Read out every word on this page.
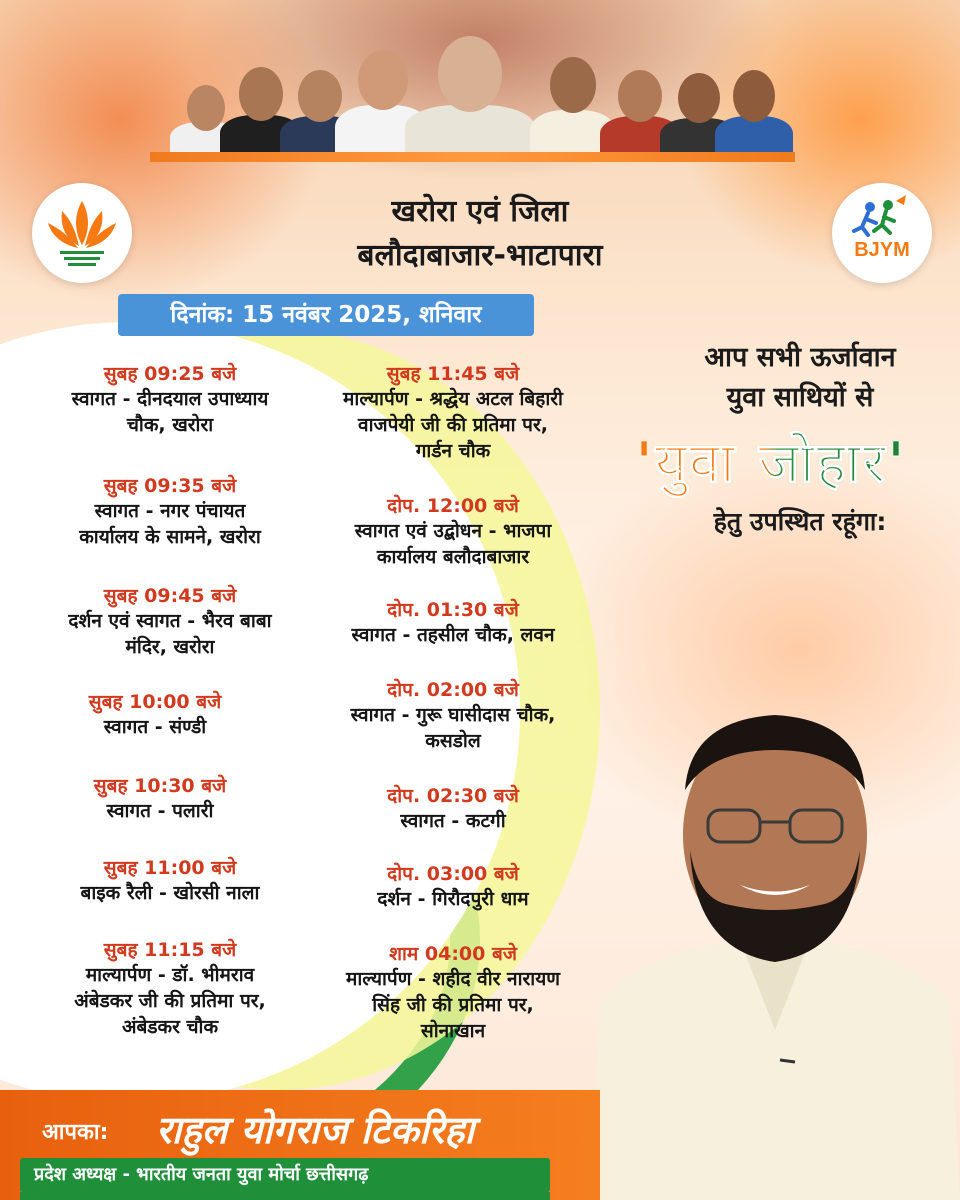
BJYM
खरोरा एवं जिला
बलौदाबाजार-भाटापारा
दिनांक: 15 नवंबर 2025, शनिवार
सुबह 09:25 बजे
स्वागत - दीनदयाल उपाध्याय
चौक, खरोरा
सुबह 09:35 बजे
स्वागत - नगर पंचायत
कार्यालय के सामने, खरोरा
सुबह 09:45 बजे
दर्शन एवं स्वागत - भैरव बाबा
मंदिर, खरोरा
सुबह 10:00 बजे
स्वागत - संण्डी
सुबह 10:30 बजे
स्वागत - पलारी
सुबह 11:00 बजे
बाइक रैली - खोरसी नाला
सुबह 11:15 बजे
माल्यार्पण - डॉ. भीमराव
अंबेडकर जी की प्रतिमा पर,
अंबेडकर चौक
सुबह 11:45 बजे
माल्यार्पण - श्रद्धेय अटल बिहारी
वाजपेयी जी की प्रतिमा पर,
गार्डन चौक
दोप. 12:00 बजे
स्वागत एवं उद्बोधन - भाजपा
कार्यालय बलौदाबाजार
दोप. 01:30 बजे
स्वागत - तहसील चौक, लवन
दोप. 02:00 बजे
स्वागत - गुरू घासीदास चौक,
कसडोल
दोप. 02:30 बजे
स्वागत - कटगी
दोप. 03:00 बजे
दर्शन - गिरौदपुरी धाम
शाम 04:00 बजे
माल्यार्पण - शहीद वीर नारायण
सिंह जी की प्रतिमा पर,
सोनाखान
आप सभी ऊर्जावान
युवा साथियों से
'युवा जोहार'
हेतु उपस्थित रहूंगा:
आपका: राहुल योगराज टिकरिहा
प्रदेश अध्यक्ष - भारतीय जनता युवा मोर्चा छत्तीसगढ़
